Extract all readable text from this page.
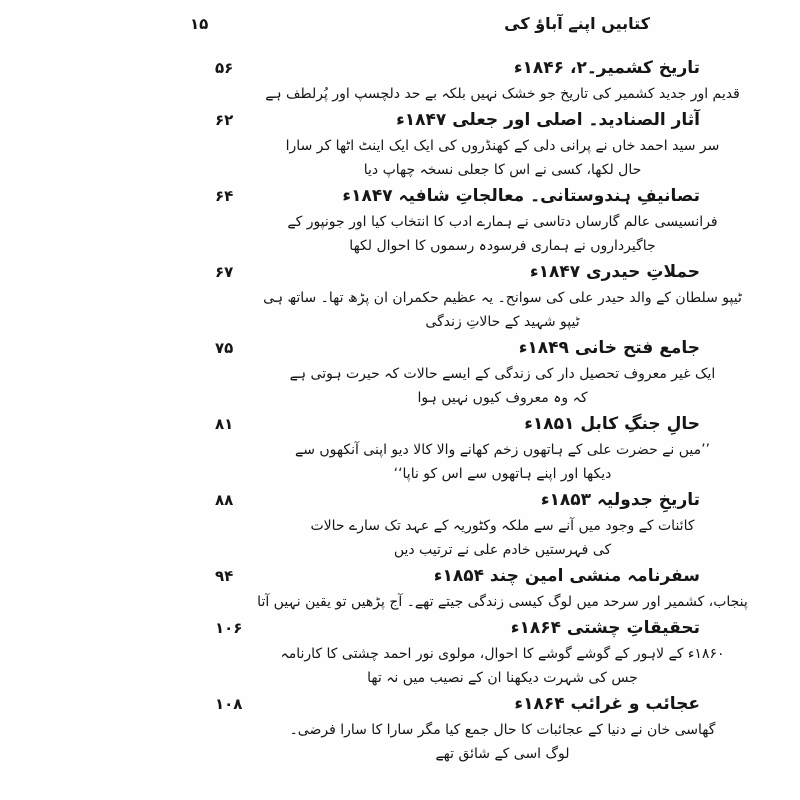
کتابیں اپنے آباؤ کی
۱۵
تاریخ کشمیر۔۲، ۱۸۴۶ء
۵۶
قدیم اور جدید کشمیر کی تاریخ جو خشک نہیں بلکہ بے حد دلچسپ اور پُرلطف ہے
آثار الصنادید۔ اصلی اور جعلی ۱۸۴۷ء
۶۲
سر سید احمد خاں نے پرانی دلی کے کھنڈروں کی ایک ایک اینٹ اٹھا کر سارا
حال لکھا، کسی نے اس کا جعلی نسخہ چھاپ دیا
تصانیفِ ہندوستانی۔ معالجاتِ شافیہ ۱۸۴۷ء
۶۴
فرانسیسی عالم گارساں دتاسی نے ہمارے ادب کا انتخاب کیا اور جونپور کے
جاگیرداروں نے ہماری فرسودہ رسموں کا احوال لکھا
حملاتِ حیدری ۱۸۴۷ء
۶۷
ٹیپو سلطان کے والد حیدر علی کی سوانح۔ یہ عظیم حکمران ان پڑھ تھا۔ ساتھ ہی
ٹیپو شہید کے حالاتِ زندگی
جامع فتح خانی ۱۸۴۹ء
۷۵
ایک غیر معروف تحصیل دار کی زندگی کے ایسے حالات کہ حیرت ہوتی ہے
کہ وہ معروف کیوں نہیں ہوا
حالِ جنگِ کابل ۱۸۵۱ء
۸۱
’’میں نے حضرت علی کے ہاتھوں زخم کھانے والا کالا دیو اپنی آنکھوں سے
دیکھا اور اپنے ہاتھوں سے اس کو ناپا‘‘
تاریخِ جدولیہ ۱۸۵۳ء
۸۸
کائنات کے وجود میں آنے سے ملکہ وکٹوریہ کے عہد تک سارے حالات
کی فہرستیں خادم علی نے ترتیب دیں
سفرنامہ منشی امین چند ۱۸۵۴ء
۹۴
پنجاب، کشمیر اور سرحد میں لوگ کیسی زندگی جیتے تھے۔ آج پڑھیں تو یقین نہیں آتا
تحقیقاتِ چشتی ۱۸۶۴ء
۱۰۶
۱۸۶۰ء کے لاہور کے گوشے گوشے کا احوال، مولوی نور احمد چشتی کا کارنامہ
جس کی شہرت دیکھنا ان کے نصیب میں نہ تھا
عجائب و غرائب ۱۸۶۴ء
۱۰۸
گھاسی خان نے دنیا کے عجائبات کا حال جمع کیا مگر سارا کا سارا فرضی۔
لوگ اسی کے شائق تھے
